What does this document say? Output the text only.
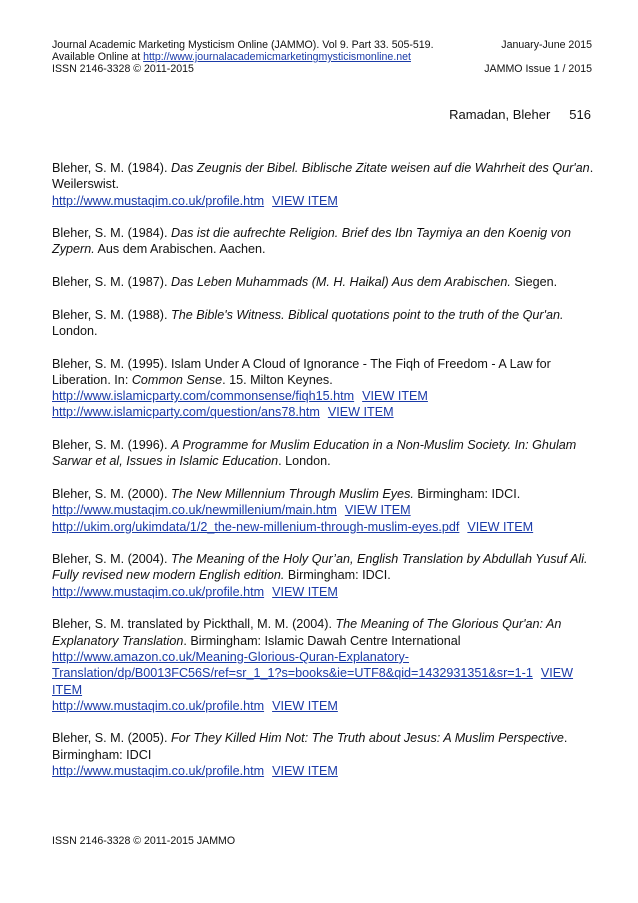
Journal Academic Marketing Mysticism Online (JAMMO). Vol 9. Part 33. 505-519.	January-June 2015
Available Online at http://www.journalacademicmarketingmysticismonline.net
ISSN 2146-3328 © 2011-2015	JAMMO Issue 1 / 2015
Ramadan, Bleher 516

Bleher, S. M. (1984). Das Zeugnis der Bibel. Biblische Zitate weisen auf die Wahrheit des Qur'an. Weilerswist.

http://www.mustaqim.co.uk/profile.htm VIEW ITEM

Bleher, S. M. (1984). Das ist die aufrechte Religion. Brief des Ibn Taymiya an den Koenig von Zypern. Aus dem Arabischen. Aachen.

Bleher, S. M. (1987). Das Leben Muhammads (M. H. Haikal) Aus dem Arabischen. Siegen.

Bleher, S. M. (1988). The Bible's Witness. Biblical quotations point to the truth of the Qur'an. London.

Bleher, S. M. (1995). Islam Under A Cloud of Ignorance - The Fiqh of Freedom - A Law for Liberation. In: Common Sense. 15. Milton Keynes.

http://www.islamicparty.com/commonsense/fiqh15.htm VIEW ITEM

http://www.islamicparty.com/question/ans78.htm VIEW ITEM

Bleher, S. M. (1996). A Programme for Muslim Education in a Non-Muslim Society. In: Ghulam Sarwar et al, Issues in Islamic Education. London.

Bleher, S. M. (2000). The New Millennium Through Muslim Eyes. Birmingham: IDCI.

http://www.mustaqim.co.uk/newmillenium/main.htm VIEW ITEM

http://ukim.org/ukimdata/1/2_the-new-millenium-through-muslim-eyes.pdf VIEW ITEM

Bleher, S. M. (2004). The Meaning of the Holy Qur’an, English Translation by Abdullah Yusuf Ali. Fully revised new modern English edition. Birmingham: IDCI.

http://www.mustaqim.co.uk/profile.htm VIEW ITEM

Bleher, S. M. translated by Pickthall, M. M. (2004). The Meaning of The Glorious Qur'an: An Explanatory Translation. Birmingham: Islamic Dawah Centre International

http://www.amazon.co.uk/Meaning-Glorious-Quran-Explanatory-Translation/dp/B0013FC56S/ref=sr_1_1?s=books&ie=UTF8&qid=1432931351&sr=1-1 VIEW ITEM

http://www.mustaqim.co.uk/profile.htm VIEW ITEM

Bleher, S. M. (2005). For They Killed Him Not: The Truth about Jesus: A Muslim Perspective. Birmingham: IDCI

http://www.mustaqim.co.uk/profile.htm VIEW ITEM

ISSN 2146-3328 © 2011-2015 JAMMO
